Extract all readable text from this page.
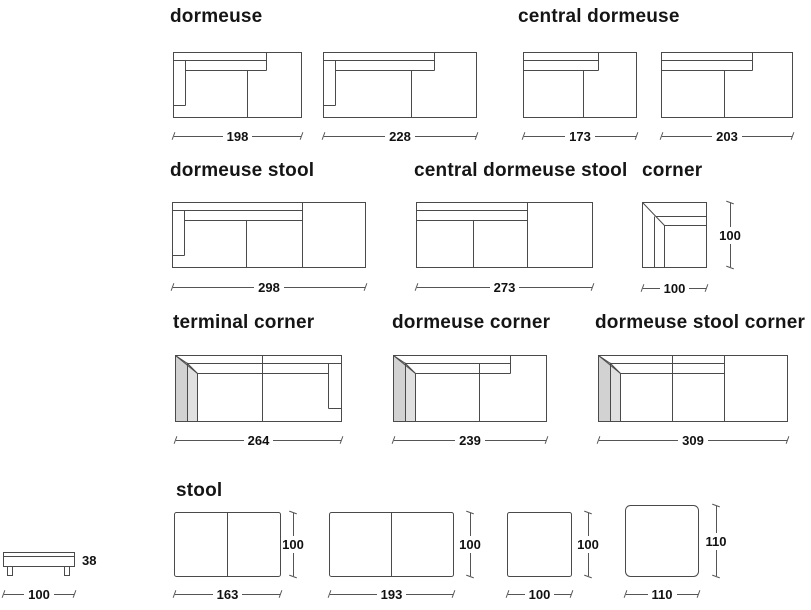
dormeuse	central dormeuse
198	228	173	203
dormeuse stool	central dormeuse stool corner
298	273
100
100
terminal corner	dormeuse corner dormeuse stool corner
264	239	309
stool
38
100
100
163
100
193
100
100
110
110
